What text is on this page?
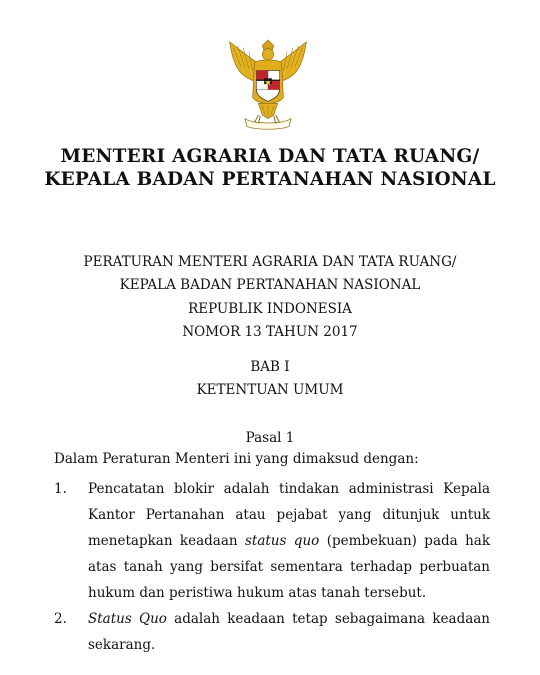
MENTERI AGRARIA DAN TATA RUANG/
KEPALA BADAN PERTANAHAN NASIONAL
PERATURAN MENTERI AGRARIA DAN TATA RUANG/
KEPALA BADAN PERTANAHAN NASIONAL
REPUBLIK INDONESIA
NOMOR 13 TAHUN 2017
BAB I
KETENTUAN UMUM
Pasal 1
Dalam Peraturan Menteri ini yang dimaksud dengan:
1. Pencatatan blokir adalah tindakan administrasi Kepala
Kantor Pertanahan atau pejabat yang ditunjuk untuk
menetapkan keadaan status quo (pembekuan) pada hak
atas tanah yang bersifat sementara terhadap perbuatan
hukum dan peristiwa hukum atas tanah tersebut.
2. Status Quo adalah keadaan tetap sebagaimana keadaan
sekarang.
